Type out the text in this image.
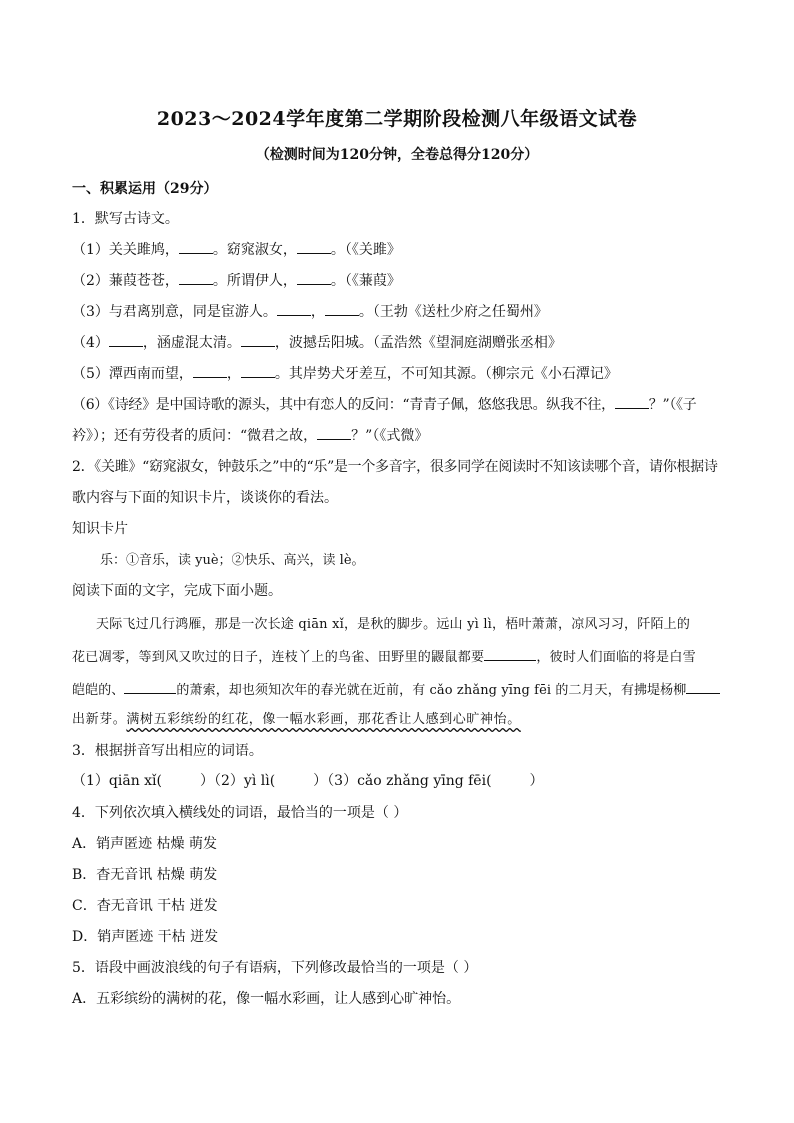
2023～2024学年度第二学期阶段检测八年级语文试卷
（检测时间为120分钟，全卷总得分120分）
一、积累运用（29分）
1．默写古诗文。
（1）关关雎鸠， 。窈窕淑女， 。（《关雎》
（2）蒹葭苍苍， 。所谓伊人， 。（《蒹葭》
（3）与君离别意，同是宦游人。 ， 。（王勃《送杜少府之任蜀州》
（4） ，涵虚混太清。 ，波撼岳阳城。（孟浩然《望洞庭湖赠张丞相》
（5）潭西南而望， ， 。其岸势犬牙差互，不可知其源。（柳宗元《小石潭记》
（6）《诗经》是中国诗歌的源头，其中有恋人的反问：“青青子佩，悠悠我思。纵我不往， ？”（《子
衿》）；还有劳役者的质问：“微君之故， ？”（《式微》
2．《关雎》“窈窕淑女，钟鼓乐之”中的“乐”是一个多音字，很多同学在阅读时不知该读哪个音，请你根据诗
歌内容与下面的知识卡片，谈谈你的看法。
知识卡片
乐：①音乐，读 yuè；②快乐、高兴，读 lè。
阅读下面的文字，完成下面小题。
天际飞过几行鸿雁，那是一次长途 qiān xǐ，是秋的脚步。远山 yì lì，梧叶萧萧，凉风习习，阡陌上的
花已凋零，等到风又吹过的日子，连枝丫上的鸟雀、田野里的鼹鼠都要	，彼时人们面临的将是白雪
皑皑的、	的萧索，却也须知次年的春光就在近前，有 cǎo zhǎng yīng fēi 的二月天，有拂堤杨柳
出新芽。满树五彩缤纷的红花，像一幅水彩画，那花香让人感到心旷神怡。
3．根据拼音写出相应的词语。
（1）qiān xǐ(	）（2）yì lì(	）（3）cǎo zhǎng yīng fēi(	）
4．下列依次填入横线处的词语，最恰当的一项是（ ）
A．销声匿迹 枯燥 萌发
B．杳无音讯 枯燥 萌发
C．杳无音讯 干枯 迸发
D．销声匿迹 干枯 迸发
5．语段中画波浪线的句子有语病，下列修改最恰当的一项是（ ）
A．五彩缤纷的满树的花，像一幅水彩画，让人感到心旷神怡。
